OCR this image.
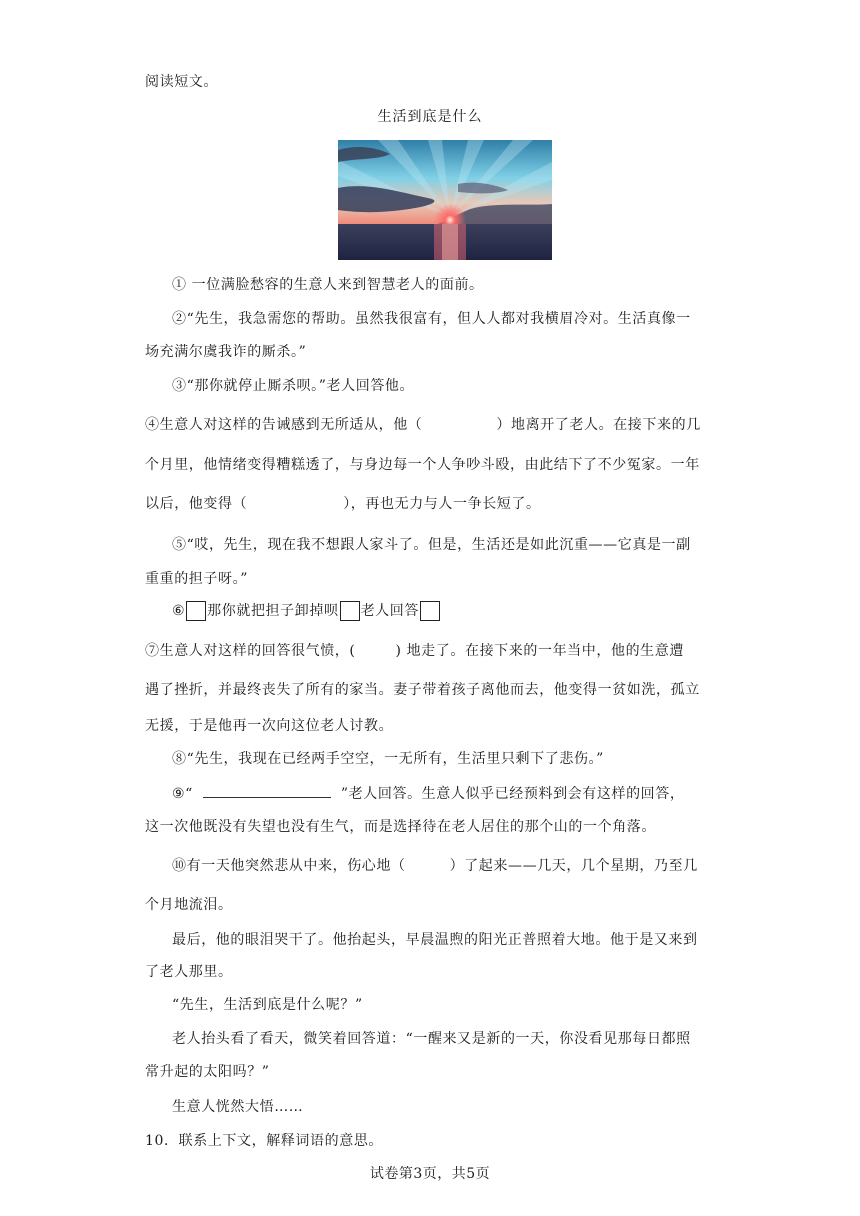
阅读短文。
生活到底是什么
① 一位满脸愁容的生意人来到智慧老人的面前。
②“先生，我急需您的帮助。虽然我很富有，但人人都对我横眉冷对。生活真像一
场充满尔虞我诈的厮杀。”
③“那你就停止厮杀呗。”老人回答他。
④生意人对这样的告诫感到无所适从，他（	）地离开了老人。在接下来的几
个月里，他情绪变得糟糕透了，与身边每一个人争吵斗殴，由此结下了不少冤家。一年
以后，他变得（	），再也无力与人一争长短了。
⑤“哎，先生，现在我不想跟人家斗了。但是，生活还是如此沉重——它真是一副
重重的担子呀。”
⑥ 那你就把担子卸掉呗 老人回答
⑦生意人对这样的回答很气愤，(	) 地走了。在接下来的一年当中，他的生意遭
遇了挫折，并最终丧失了所有的家当。妻子带着孩子离他而去，他变得一贫如洗，孤立
无援，于是他再一次向这位老人讨教。
⑧“先生，我现在已经两手空空，一无所有，生活里只剩下了悲伤。”
⑨“	”老人回答。生意人似乎已经预料到会有这样的回答，
这一次他既没有失望也没有生气，而是选择待在老人居住的那个山的一个角落。
⑩有一天他突然悲从中来，伤心地（	）了起来——几天，几个星期，乃至几
个月地流泪。
最后，他的眼泪哭干了。他抬起头，早晨温煦的阳光正普照着大地。他于是又来到
了老人那里。
“先生，生活到底是什么呢？”
老人抬头看了看天，微笑着回答道：“一醒来又是新的一天，你没看见那每日都照
常升起的太阳吗？”
生意人恍然大悟……
10．联系上下文，解释词语的意思。
试卷第3页，共5页
